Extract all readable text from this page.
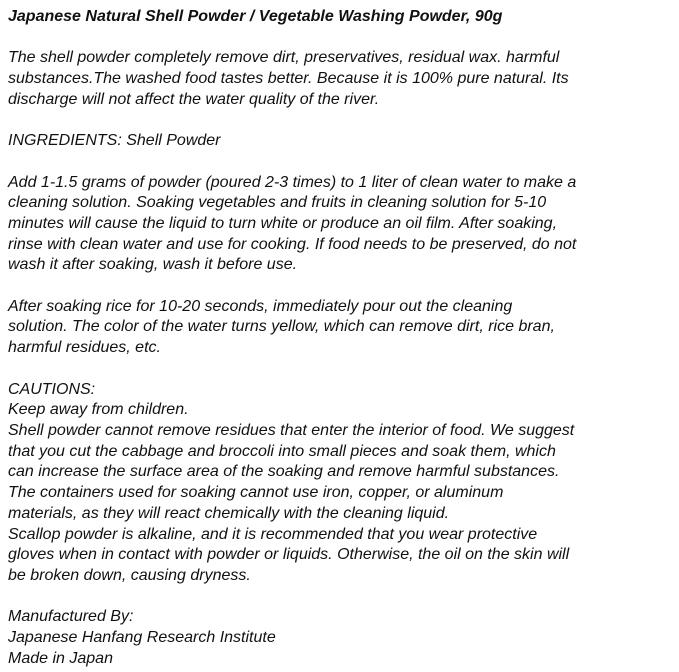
Japanese Natural Shell Powder / Vegetable Washing Powder, 90g

The shell powder completely remove dirt, preservatives, residual wax. harmful
substances.The washed food tastes better. Because it is 100% pure natural. Its
discharge will not affect the water quality of the river.

INGREDIENTS: Shell Powder

Add 1-1.5 grams of powder (poured 2-3 times) to 1 liter of clean water to make a
cleaning solution. Soaking vegetables and fruits in cleaning solution for 5-10
minutes will cause the liquid to turn white or produce an oil film. After soaking,
rinse with clean water and use for cooking. If food needs to be preserved, do not
wash it after soaking, wash it before use.

After soaking rice for 10-20 seconds, immediately pour out the cleaning
solution. The color of the water turns yellow, which can remove dirt, rice bran,
harmful residues, etc.

CAUTIONS:

Keep away from children.

Shell powder cannot remove residues that enter the interior of food. We suggest
that you cut the cabbage and broccoli into small pieces and soak them, which
can increase the surface area of the soaking and remove harmful substances.

The containers used for soaking cannot use iron, copper, or aluminum
materials, as they will react chemically with the cleaning liquid.

Scallop powder is alkaline, and it is recommended that you wear protective
gloves when in contact with powder or liquids. Otherwise, the oil on the skin will
be broken down, causing dryness.

Manufactured By:

Japanese Hanfang Research Institute

Made in Japan
